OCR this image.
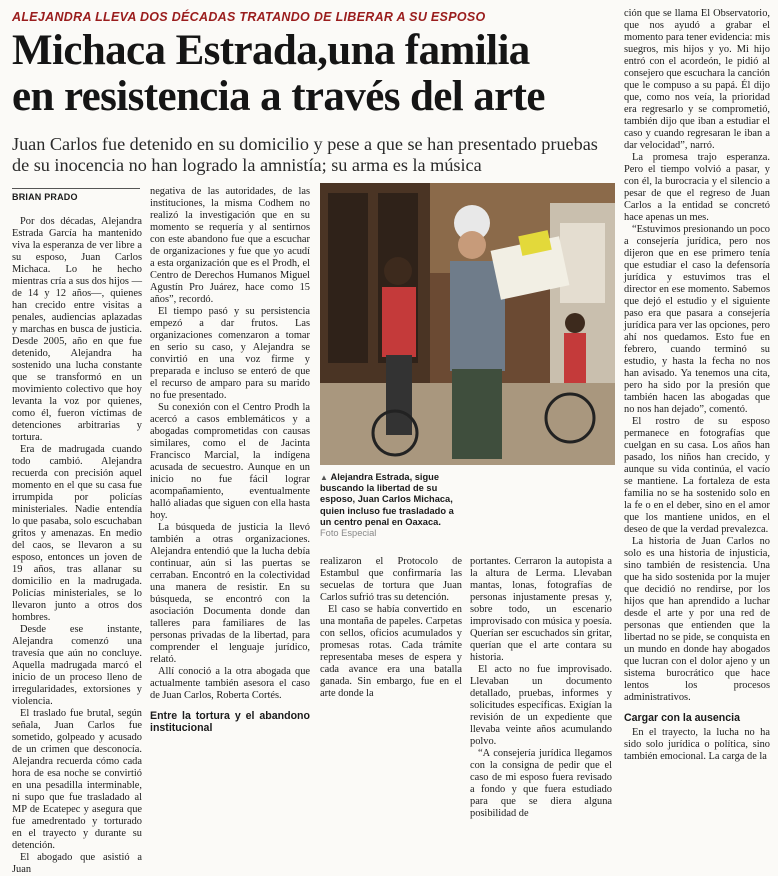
ALEJANDRA LLEVA DOS DÉCADAS TRATANDO DE LIBERAR A SU ESPOSO
Michaca Estrada,una familia
en resistencia a través del arte
Juan Carlos fue detenido en su domicilio y pese a que se han presentado pruebas de su inocencia no han logrado la amnistía; su arma es la música
BRIAN PRADO

Por dos décadas, Alejandra Estrada García ha mantenido viva la esperanza de ver libre a su esposo, Juan Carlos Michaca. Lo he hecho mientras cría a sus dos hijos —de 14 y 12 años—, quienes han crecido entre visitas a penales, audiencias aplazadas y marchas en busca de justicia. Desde 2005, año en que fue detenido, Alejandra ha sostenido una lucha constante que se transformó en un movimiento colectivo que hoy levanta la voz por quienes, como él, fueron víctimas de detenciones arbitrarias y tortura.

Era de madrugada cuando todo cambió. Alejandra recuerda con precisión aquel momento en el que su casa fue irrumpida por policías ministeriales. Nadie entendía lo que pasaba, solo escuchaban gritos y amenazas. En medio del caos, se llevaron a su esposo, entonces un joven de 19 años, tras allanar su domicilio en la madrugada. Policías ministeriales, se lo llevaron junto a otros dos hombres.

Desde ese instante, Alejandra comenzó una travesía que aún no concluye. Aquella madrugada marcó el inicio de un proceso lleno de irregularidades, extorsiones y violencia.

El traslado fue brutal, según señala, Juan Carlos fue sometido, golpeado y acusado de un crimen que desconocía. Alejandra recuerda cómo cada hora de esa noche se convirtió en una pesadilla interminable, ni supo que fue trasladado al MP de Ecatepec y asegura que fue amedrentado y torturado en el trayecto y durante su detención.

El abogado que asistió a Juan

negativa de las autoridades, de las instituciones, la misma Codhem no realizó la investigación que en su momento se requería y al sentirnos con este abandono fue que a escuchar de organizaciones y fue que yo acudí a esta organización que es el Prodh, el Centro de Derechos Humanos Miguel Agustín Pro Juárez, hace como 15 años”, recordó.

El tiempo pasó y su persistencia empezó a dar frutos. Las organizaciones comenzaron a tomar en serio su caso, y Alejandra se convirtió en una voz firme y preparada e incluso se enteró de que el recurso de amparo para su marido no fue presentado.

Su conexión con el Centro Prodh la acercó a casos emblemáticos y a abogadas comprometidas con causas similares, como el de Jacinta Francisco Marcial, la indígena acusada de secuestro. Aunque en un inicio no fue fácil lograr acompañamiento, eventualmente halló aliadas que siguen con ella hasta hoy.

La búsqueda de justicia la llevó también a otras organizaciones. Alejandra entendió que la lucha debía continuar, aún si las puertas se cerraban. Encontró en la colectividad una manera de resistir. En su búsqueda, se encontró con la asociación Documenta donde dan talleres para familiares de las personas privadas de la libertad, para comprender el lenguaje jurídico, relató.

Allí conoció a la otra abogada que actualmente también asesora el caso de Juan Carlos, Roberta Cortés.

Entre la tortura y el abandono institucional
▲ Alejandra Estrada, sigue buscando la libertad de su esposo, Juan Carlos Michaca, quien incluso fue trasladado a un centro penal en Oaxaca. Foto Especial

realizaron el Protocolo de Estambul que confirmaría las secuelas de tortura que Juan Carlos sufrió tras su detención.

El caso se había convertido en una montaña de papeles. Carpetas con sellos, oficios acumulados y promesas rotas. Cada trámite representaba meses de espera y cada avance era una batalla ganada. Sin embargo, fue en el arte donde la

portantes. Cerraron la autopista a la altura de Lerma. Llevaban mantas, lonas, fotografías de personas injustamente presas y, sobre todo, un escenario improvisado con música y poesía. Querían ser escuchados sin gritar, querían que el arte contara su historia.

El acto no fue improvisado. Llevaban un documento detallado, pruebas, informes y solicitudes específicas. Exigían la revisión de un expediente que llevaba veinte años acumulando polvo.

“A consejería jurídica llegamos con la consigna de pedir que el caso de mi esposo fuera revisado a fondo y que fuera estudiado para que se diera alguna posibilidad de

ción que se llama El Observatorio, que nos ayudó a grabar el momento para tener evidencia: mis suegros, mis hijos y yo. Mi hijo entró con el acordeón, le pidió al consejero que escuchara la canción que le compuso a su papá. Él dijo que, como nos veía, la prioridad era regresarlo y se comprometió, también dijo que iban a estudiar el caso y cuando regresaran le iban a dar velocidad”, narró.

La promesa trajo esperanza. Pero el tiempo volvió a pasar, y con él, la burocracia y el silencio a pesar de que el regreso de Juan Carlos a la entidad se concretó hace apenas un mes.

“Estuvimos presionando un poco a consejería jurídica, pero nos dijeron que en ese primero tenía que estudiar el caso la defensoría jurídica y estuvimos tras el director en ese momento. Sabemos que dejó el estudio y el siguiente paso era que pasara a consejería jurídica para ver las opciones, pero ahí nos quedamos. Esto fue en febrero, cuando terminó su estudio, y hasta la fecha no nos han avisado. Ya tenemos una cita, pero ha sido por la presión que también hacen las abogadas que no nos han dejado”, comentó.

El rostro de su esposo permanece en fotografías que cuelgan en su casa. Los años han pasado, los niños han crecido, y aunque su vida continúa, el vacío se mantiene. La fortaleza de esta familia no se ha sostenido solo en la fe o en el deber, sino en el amor que los mantiene unidos, en el deseo de que la verdad prevalezca.

La historia de Juan Carlos no solo es una historia de injusticia, sino también de resistencia. Una que ha sido sostenida por la mujer que decidió no rendirse, por los hijos que han aprendido a luchar desde el arte y por una red de personas que entienden que la libertad no se pide, se conquista en un mundo en donde hay abogados que lucran con el dolor ajeno y un sistema burocrático que hace lentos los procesos administrativos.

Cargar con la ausencia

En el trayecto, la lucha no ha sido solo jurídica o política, sino también emocional. La carga de la
